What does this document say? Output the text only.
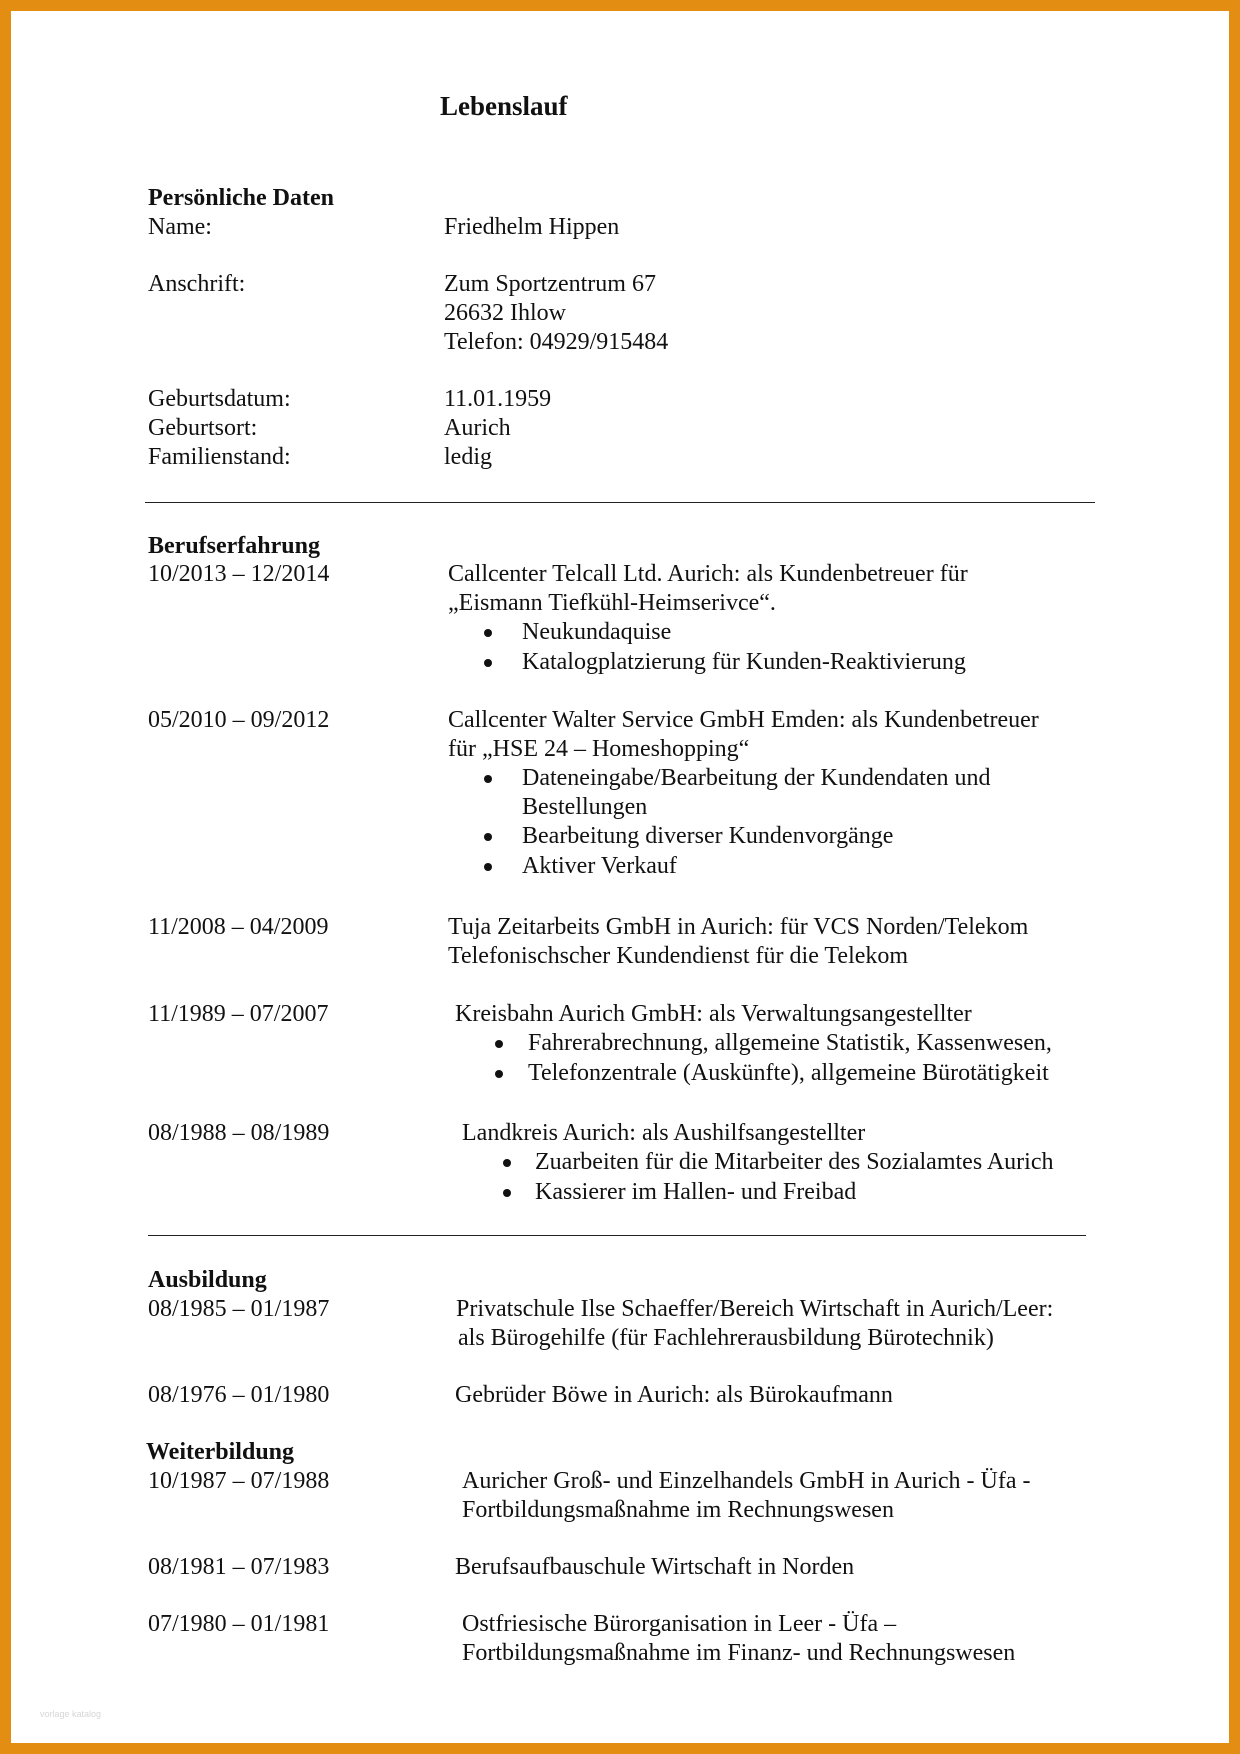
Lebenslauf
Persönliche Daten
Name:	Friedhelm Hippen
Anschrift:	Zum Sportzentrum 67
26632 Ihlow
Telefon: 04929/915484
Geburtsdatum:	11.01.1959
Geburtsort:	Aurich
Familienstand:	ledig
Berufserfahrung
10/2013 – 12/2014	Callcenter Telcall Ltd. Aurich: als Kundenbetreuer für
„Eismann Tiefkühl-Heimserivce“.
Neukundaquise
Katalogplatzierung für Kunden-Reaktivierung
05/2010 – 09/2012	Callcenter Walter Service GmbH Emden: als Kundenbetreuer
für „HSE 24 – Homeshopping“
Dateneingabe/Bearbeitung der Kundendaten und
Bestellungen
Bearbeitung diverser Kundenvorgänge
Aktiver Verkauf
11/2008 – 04/2009	Tuja Zeitarbeits GmbH in Aurich: für VCS Norden/Telekom
Telefonischscher Kundendienst für die Telekom
11/1989 – 07/2007	Kreisbahn Aurich GmbH: als Verwaltungsangestellter
Fahrerabrechnung, allgemeine Statistik, Kassenwesen,
Telefonzentrale (Auskünfte), allgemeine Bürotätigkeit
08/1988 – 08/1989	Landkreis Aurich: als Aushilfsangestellter
Zuarbeiten für die Mitarbeiter des Sozialamtes Aurich
Kassierer im Hallen- und Freibad
Ausbildung
08/1985 – 01/1987	Privatschule Ilse Schaeffer/Bereich Wirtschaft in Aurich/Leer:
als Bürogehilfe (für Fachlehrerausbildung Bürotechnik)
08/1976 – 01/1980	Gebrüder Böwe in Aurich: als Bürokaufmann
Weiterbildung
10/1987 – 07/1988	Auricher Groß- und Einzelhandels GmbH in Aurich - Üfa -
Fortbildungsmaßnahme im Rechnungswesen
08/1981 – 07/1983	Berufsaufbauschule Wirtschaft in Norden
07/1980 – 01/1981	Ostfriesische Bürorganisation in Leer - Üfa –
Fortbildungsmaßnahme im Finanz- und Rechnungswesen
vorlage katalog
